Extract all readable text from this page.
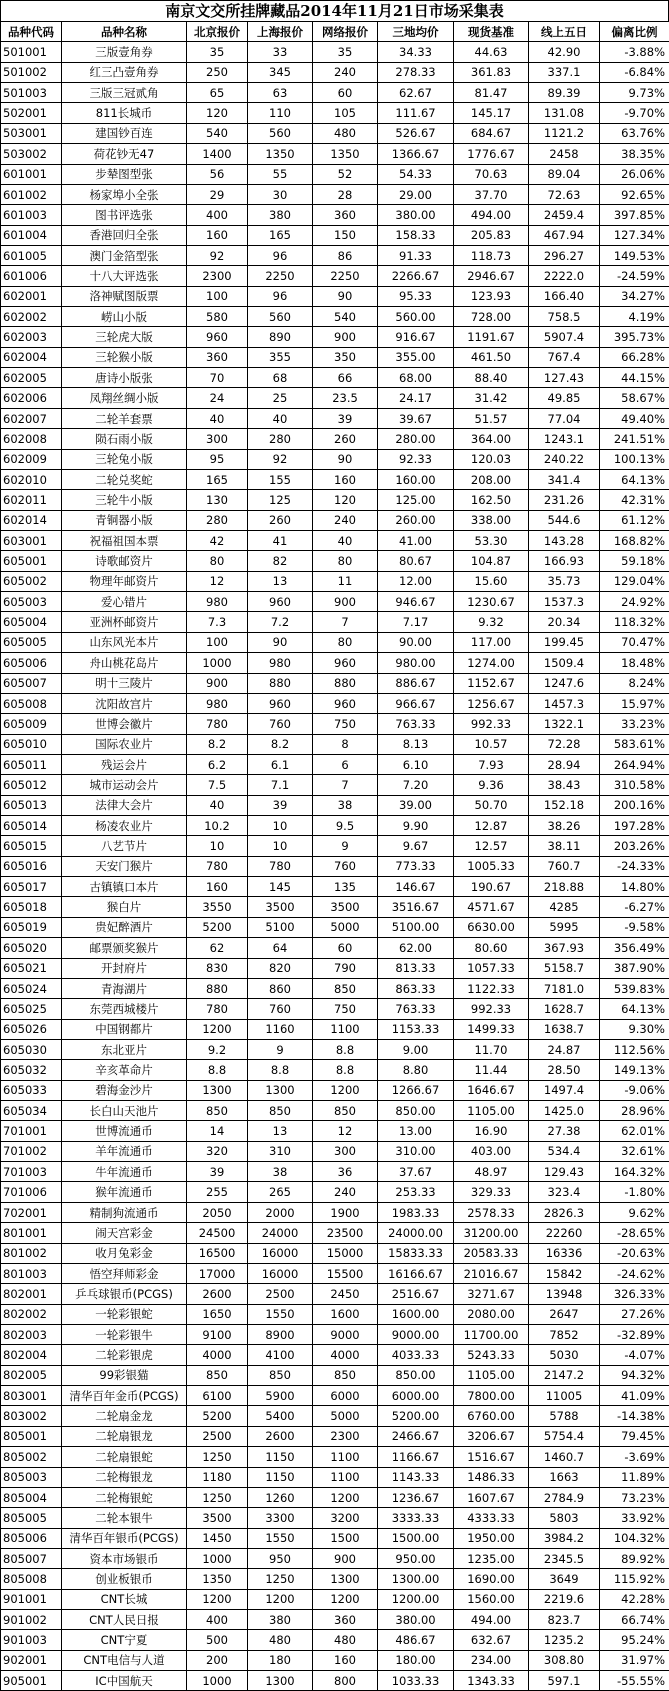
南京文交所挂牌藏品2014年11月21日市场采集表
品种代码	品种名称	北京报价	上海报价	网络报价	三地均价	现货基准	线上五日	偏离比例
501001	三版壹角券	35	33	35	34.33	44.63	42.90	-3.88%
501002	红三凸壹角券	250	345	240	278.33	361.83	337.1	-6.84%
501003	三版三冠贰角	65	63	60	62.67	81.47	89.39	9.73%
502001	811长城币	120	110	105	111.67	145.17	131.08	-9.70%
503001	建国钞百连	540	560	480	526.67	684.67	1121.2	63.76%
503002	荷花钞无47	1400	1350	1350	1366.67	1776.67	2458	38.35%
601001	步辇图型张	56	55	52	54.33	70.63	89.04	26.06%
601002	杨家埠小全张	29	30	28	29.00	37.70	72.63	92.65%
601003	图书评选张	400	380	360	380.00	494.00	2459.4	397.85%
601004	香港回归全张	160	165	150	158.33	205.83	467.94	127.34%
601005	澳门金箔型张	92	96	86	91.33	118.73	296.27	149.53%
601006	十八大评选张	2300	2250	2250	2266.67	2946.67	2222.0	-24.59%
602001	洛神赋图版票	100	96	90	95.33	123.93	166.40	34.27%
602002	崂山小版	580	560	540	560.00	728.00	758.5	4.19%
602003	三轮虎大版	960	890	900	916.67	1191.67	5907.4	395.73%
602004	三轮猴小版	360	355	350	355.00	461.50	767.4	66.28%
602005	唐诗小版张	70	68	66	68.00	88.40	127.43	44.15%
602006	凤翔丝绸小版	24	25	23.5	24.17	31.42	49.85	58.67%
602007	二轮羊套票	40	40	39	39.67	51.57	77.04	49.40%
602008	陨石雨小版	300	280	260	280.00	364.00	1243.1	241.51%
602009	三轮兔小版	95	92	90	92.33	120.03	240.22	100.13%
602010	二轮兑奖蛇	165	155	160	160.00	208.00	341.4	64.13%
602011	三轮牛小版	130	125	120	125.00	162.50	231.26	42.31%
602014	青铜器小版	280	260	240	260.00	338.00	544.6	61.12%
603001	祝福祖国本票	42	41	40	41.00	53.30	143.28	168.82%
605001	诗歌邮资片	80	82	80	80.67	104.87	166.93	59.18%
605002	物理年邮资片	12	13	11	12.00	15.60	35.73	129.04%
605003	爱心错片	980	960	900	946.67	1230.67	1537.3	24.92%
605004	亚洲杯邮资片	7.3	7.2	7	7.17	9.32	20.34	118.32%
605005	山东风光本片	100	90	80	90.00	117.00	199.45	70.47%
605006	舟山桃花岛片	1000	980	960	980.00	1274.00	1509.4	18.48%
605007	明十三陵片	900	880	880	886.67	1152.67	1247.6	8.24%
605008	沈阳故宫片	980	960	960	966.67	1256.67	1457.3	15.97%
605009	世博会徽片	780	760	750	763.33	992.33	1322.1	33.23%
605010	国际农业片	8.2	8.2	8	8.13	10.57	72.28	583.61%
605011	残运会片	6.2	6.1	6	6.10	7.93	28.94	264.94%
605012	城市运动会片	7.5	7.1	7	7.20	9.36	38.43	310.58%
605013	法律大会片	40	39	38	39.00	50.70	152.18	200.16%
605014	杨凌农业片	10.2	10	9.5	9.90	12.87	38.26	197.28%
605015	八艺节片	10	10	9	9.67	12.57	38.11	203.26%
605016	天安门猴片	780	780	760	773.33	1005.33	760.7	-24.33%
605017	古镇镇口本片	160	145	135	146.67	190.67	218.88	14.80%
605018	猴白片	3550	3500	3500	3516.67	4571.67	4285	-6.27%
605019	贵妃醉酒片	5200	5100	5000	5100.00	6630.00	5995	-9.58%
605020	邮票颁奖猴片	62	64	60	62.00	80.60	367.93	356.49%
605021	开封府片	830	820	790	813.33	1057.33	5158.7	387.90%
605024	青海湖片	880	860	850	863.33	1122.33	7181.0	539.83%
605025	东莞西城楼片	780	760	750	763.33	992.33	1628.7	64.13%
605026	中国钢都片	1200	1160	1100	1153.33	1499.33	1638.7	9.30%
605030	东北亚片	9.2	9	8.8	9.00	11.70	24.87	112.56%
605032	辛亥革命片	8.8	8.8	8.8	8.80	11.44	28.50	149.13%
605033	碧海金沙片	1300	1300	1200	1266.67	1646.67	1497.4	-9.06%
605034	长白山天池片	850	850	850	850.00	1105.00	1425.0	28.96%
701001	世博流通币	14	13	12	13.00	16.90	27.38	62.01%
701002	羊年流通币	320	310	300	310.00	403.00	534.4	32.61%
701003	牛年流通币	39	38	36	37.67	48.97	129.43	164.32%
701006	猴年流通币	255	265	240	253.33	329.33	323.4	-1.80%
702001	精制狗流通币	2050	2000	1900	1983.33	2578.33	2826.3	9.62%
801001	闹天宫彩金	24500	24000	23500	24000.00	31200.00	22260	-28.65%
801002	收月兔彩金	16500	16000	15000	15833.33	20583.33	16336	-20.63%
801003	悟空拜师彩金	17000	16000	15500	16166.67	21016.67	15842	-24.62%
802001	乒乓球银币(PCGS)	2600	2500	2450	2516.67	3271.67	13948	326.33%
802002	一轮彩银蛇	1650	1550	1600	1600.00	2080.00	2647	27.26%
802003	一轮彩银牛	9100	8900	9000	9000.00	11700.00	7852	-32.89%
802004	二轮彩银虎	4000	4100	4000	4033.33	5243.33	5030	-4.07%
802005	99彩银猫	850	850	850	850.00	1105.00	2147.2	94.32%
803001	清华百年金币(PCGS)	6100	5900	6000	6000.00	7800.00	11005	41.09%
803002	二轮扇金龙	5200	5400	5000	5200.00	6760.00	5788	-14.38%
805001	二轮扇银龙	2500	2600	2300	2466.67	3206.67	5754.4	79.45%
805002	二轮扇银蛇	1250	1150	1100	1166.67	1516.67	1460.7	-3.69%
805003	二轮梅银龙	1180	1150	1100	1143.33	1486.33	1663	11.89%
805004	二轮梅银蛇	1250	1260	1200	1236.67	1607.67	2784.9	73.23%
805005	二轮本银牛	3500	3300	3200	3333.33	4333.33	5803	33.92%
805006	清华百年银币(PCGS)	1450	1550	1500	1500.00	1950.00	3984.2	104.32%
805007	资本市场银币	1000	950	900	950.00	1235.00	2345.5	89.92%
805008	创业板银币	1350	1250	1300	1300.00	1690.00	3649	115.92%
901001	CNT长城	1200	1200	1200	1200.00	1560.00	2219.6	42.28%
901002	CNT人民日报	400	380	360	380.00	494.00	823.7	66.74%
901003	CNT宁夏	500	480	480	486.67	632.67	1235.2	95.24%
902001	CNT电信与人道	200	180	160	180.00	234.00	308.80	31.97%
905001	IC中国航天	1000	1300	800	1033.33	1343.33	597.1	-55.55%
